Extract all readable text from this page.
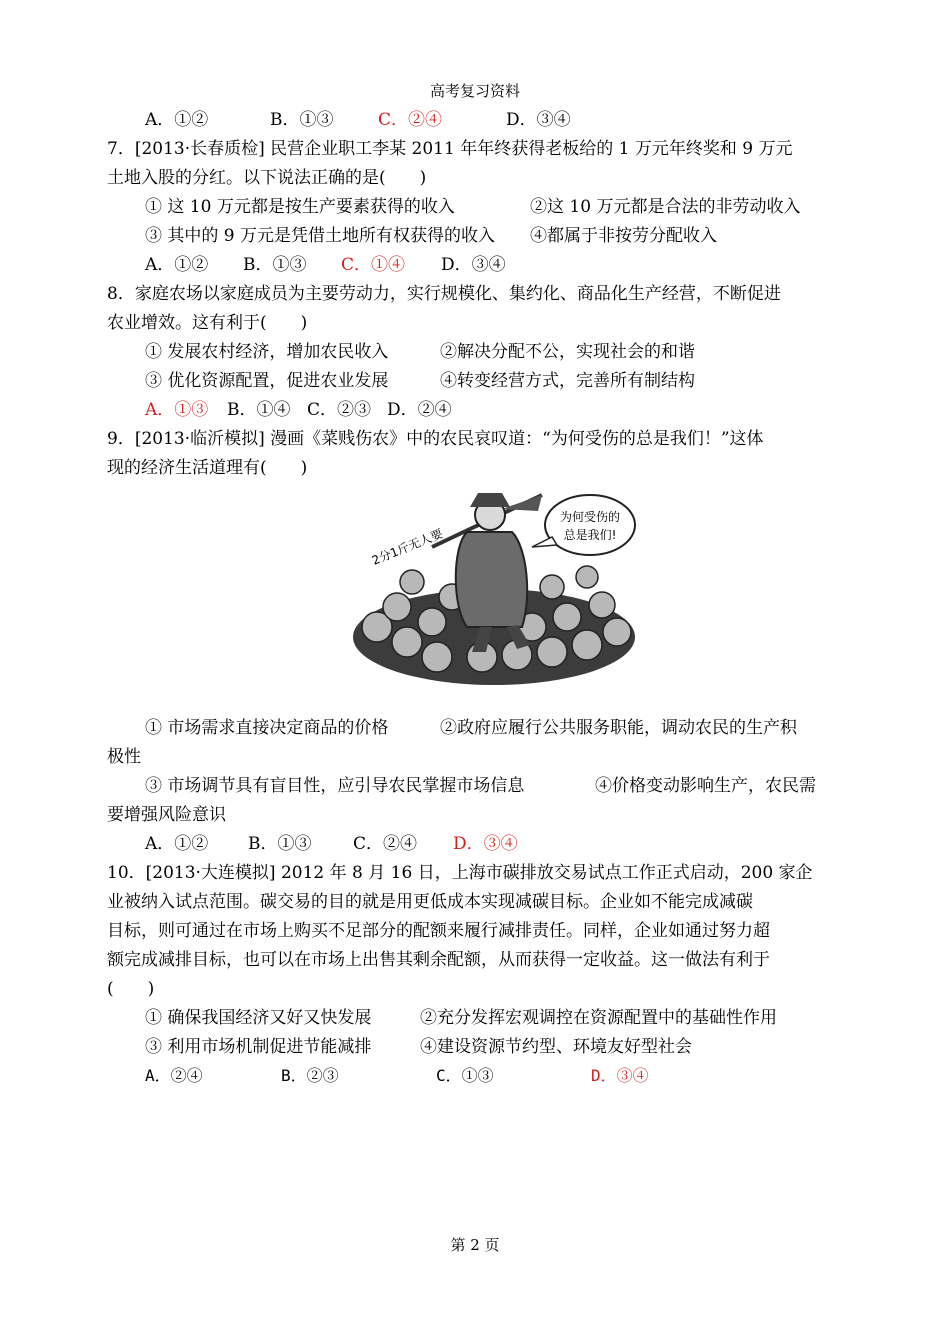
高考复习资料
A．①②	B．①③	C．②④	D．③④
7．[2013·长春质检] 民营企业职工李某 2011 年年终获得老板给的 1 万元年终奖和 9 万元
土地入股的分红。以下说法正确的是(　　)
① 这 10 万元都是按生产要素获得的收入	②这 10 万元都是合法的非劳动收入
③ 其中的 9 万元是凭借土地所有权获得的收入 ④都属于非按劳分配收入
A．①② B．①③ C．①④ D．③④
8．家庭农场以家庭成员为主要劳动力，实行规模化、集约化、商品化生产经营，不断促进
农业增效。这有利于(　　)
① 发展农村经济，增加农民收入	②解决分配不公，实现社会的和谐
③ 优化资源配置，促进农业发展	④转变经营方式，完善所有制结构
A．①③ B．①④ C．②③ D．②④
9．[2013·临沂模拟] 漫画《菜贱伤农》中的农民哀叹道：“为何受伤的总是我们！”这体
现的经济生活道理有(　　)
2分1斤无人要
为何受伤的
总是我们!
① 市场需求直接决定商品的价格	②政府应履行公共服务职能，调动农民的生产积
极性
③ 市场调节具有盲目性，应引导农民掌握市场信息	④价格变动影响生产，农民需
要增强风险意识
A．①② B．①③ C．②④ D．③④
10．[2013·大连模拟] 2012 年 8 月 16 日，上海市碳排放交易试点工作正式启动，200 家企
业被纳入试点范围。碳交易的目的就是用更低成本实现减碳目标。企业如不能完成减碳
目标，则可通过在市场上购买不足部分的配额来履行减排责任。同样，企业如通过努力超
额完成减排目标，也可以在市场上出售其剩余配额，从而获得一定收益。这一做法有利于
(　　)
① 确保我国经济又好又快发展	②充分发挥宏观调控在资源配置中的基础性作用
③ 利用市场机制促进节能减排	④建设资源节约型、环境友好型社会
A．②④	B．②③	C．①③	D．③④
第 2 页
